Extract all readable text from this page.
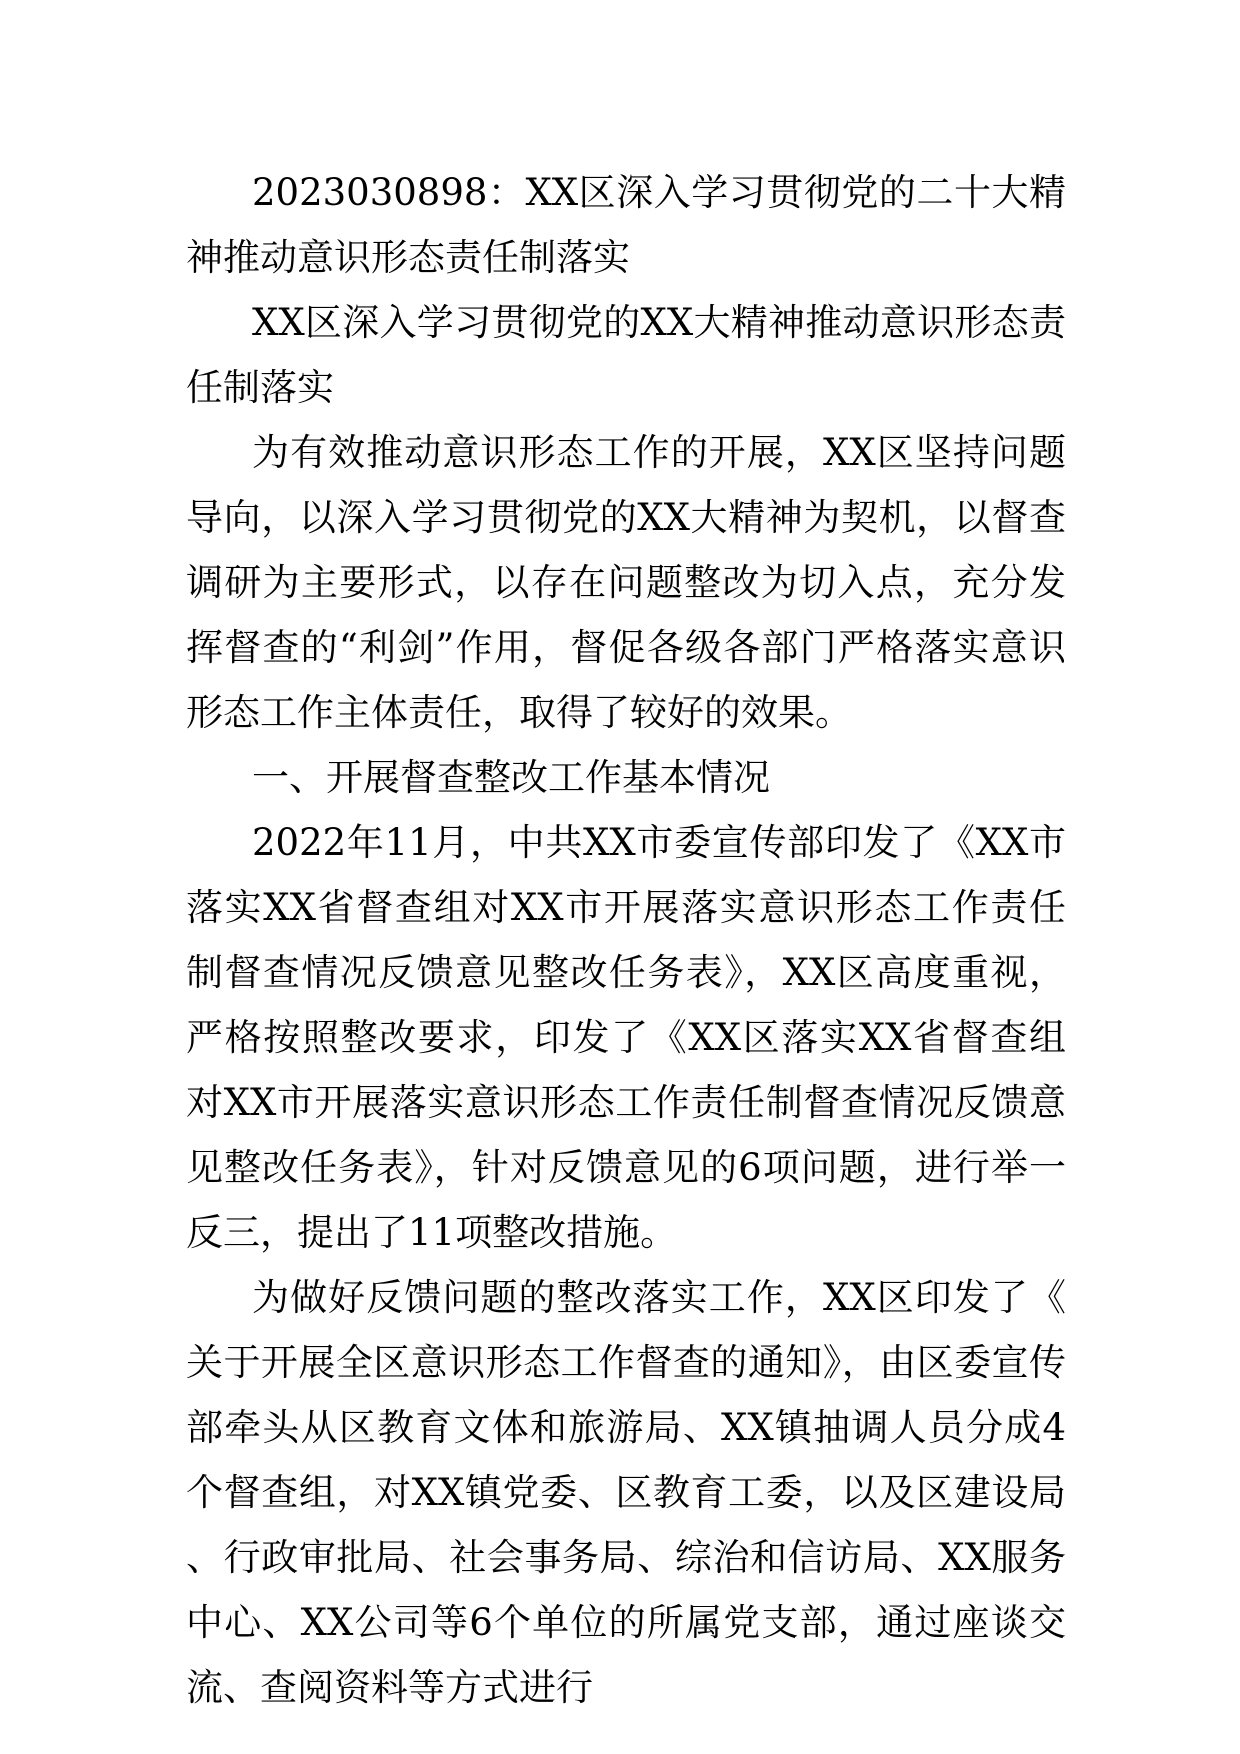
2023030898：XX区深入学习贯彻党的二十大精神推动意识形态责任制落实

XX区深入学习贯彻党的XX大精神推动意识形态责任制落实

为有效推动意识形态工作的开展，XX区坚持问题导向，以深入学习贯彻党的XX大精神为契机，以督查调研为主要形式，以存在问题整改为切入点，充分发挥督查的“利剑”作用，督促各级各部门严格落实意识形态工作主体责任，取得了较好的效果。

一、开展督查整改工作基本情况

2022年11月，中共XX市委宣传部印发了《XX市落实XX省督查组对XX市开展落实意识形态工作责任制督查情况反馈意见整改任务表》，XX区高度重视，严格按照整改要求，印发了《XX区落实XX省督查组对XX市开展落实意识形态工作责任制督查情况反馈意见整改任务表》，针对反馈意见的6项问题，进行举一反三，提出了11项整改措施。

为做好反馈问题的整改落实工作，XX区印发了《关于开展全区意识形态工作督查的通知》，由区委宣传部牵头从区教育文体和旅游局、XX镇抽调人员分成4个督查组，对XX镇党委、区教育工委，以及区建设局、行政审批局、社会事务局、综治和信访局、XX服务中心、XX公司等6个单位的所属党支部，通过座谈交流、查阅资料等方式进行
